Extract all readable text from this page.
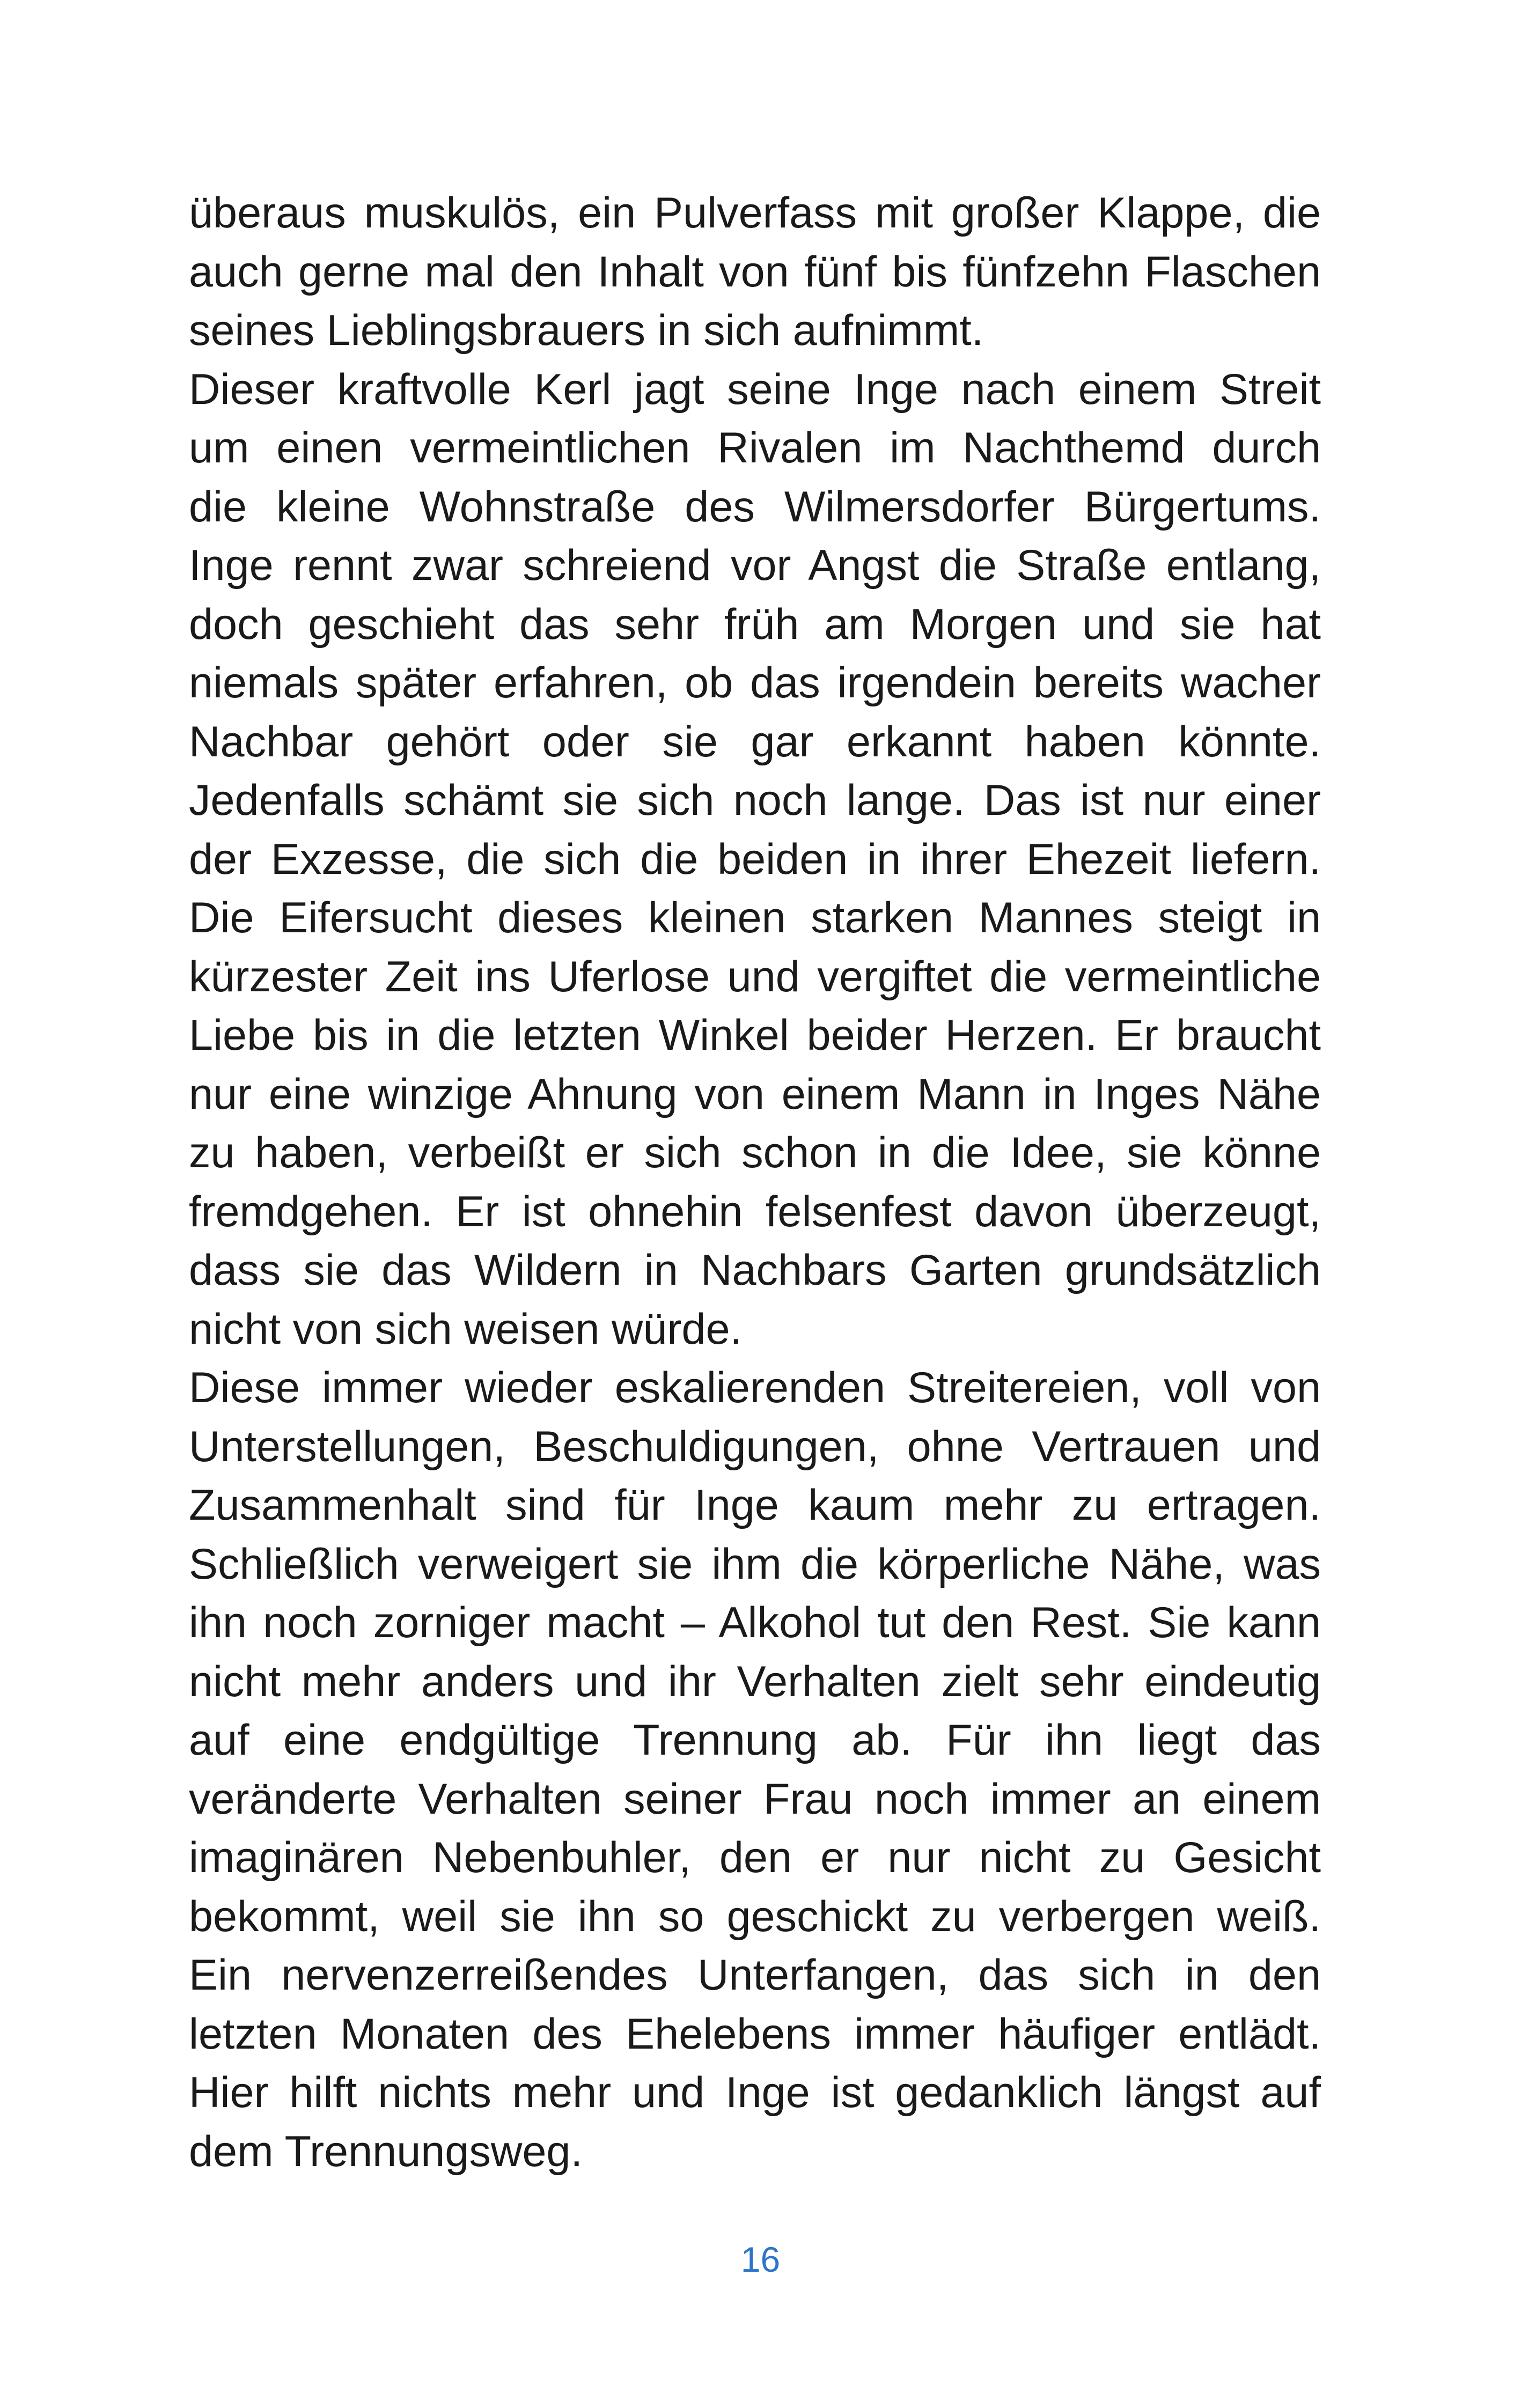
überaus muskulös, ein Pulverfass mit großer Klappe, die
auch gerne mal den Inhalt von fünf bis fünfzehn Flaschen
seines Lieblingsbrauers in sich aufnimmt.
Dieser kraftvolle Kerl jagt seine Inge nach einem Streit
um einen vermeintlichen Rivalen im Nachthemd durch
die kleine Wohnstraße des Wilmersdorfer Bürgertums.
Inge rennt zwar schreiend vor Angst die Straße entlang,
doch geschieht das sehr früh am Morgen und sie hat
niemals später erfahren, ob das irgendein bereits wacher
Nachbar gehört oder sie gar erkannt haben könnte.
Jedenfalls schämt sie sich noch lange. Das ist nur einer
der Exzesse, die sich die beiden in ihrer Ehezeit liefern.
Die Eifersucht dieses kleinen starken Mannes steigt in
kürzester Zeit ins Uferlose und vergiftet die vermeintliche
Liebe bis in die letzten Winkel beider Herzen. Er braucht
nur eine winzige Ahnung von einem Mann in Inges Nähe
zu haben, verbeißt er sich schon in die Idee, sie könne
fremdgehen. Er ist ohnehin felsenfest davon überzeugt,
dass sie das Wildern in Nachbars Garten grundsätzlich
nicht von sich weisen würde.
Diese immer wieder eskalierenden Streitereien, voll von
Unterstellungen, Beschuldigungen, ohne Vertrauen und
Zusammenhalt sind für Inge kaum mehr zu ertragen.
Schließlich verweigert sie ihm die körperliche Nähe, was
ihn noch zorniger macht – Alkohol tut den Rest. Sie kann
nicht mehr anders und ihr Verhalten zielt sehr eindeutig
auf eine endgültige Trennung ab. Für ihn liegt das
veränderte Verhalten seiner Frau noch immer an einem
imaginären Nebenbuhler, den er nur nicht zu Gesicht
bekommt, weil sie ihn so geschickt zu verbergen weiß.
Ein nervenzerreißendes Unterfangen, das sich in den
letzten Monaten des Ehelebens immer häufiger entlädt.
Hier hilft nichts mehr und Inge ist gedanklich längst auf
dem Trennungsweg.
16
